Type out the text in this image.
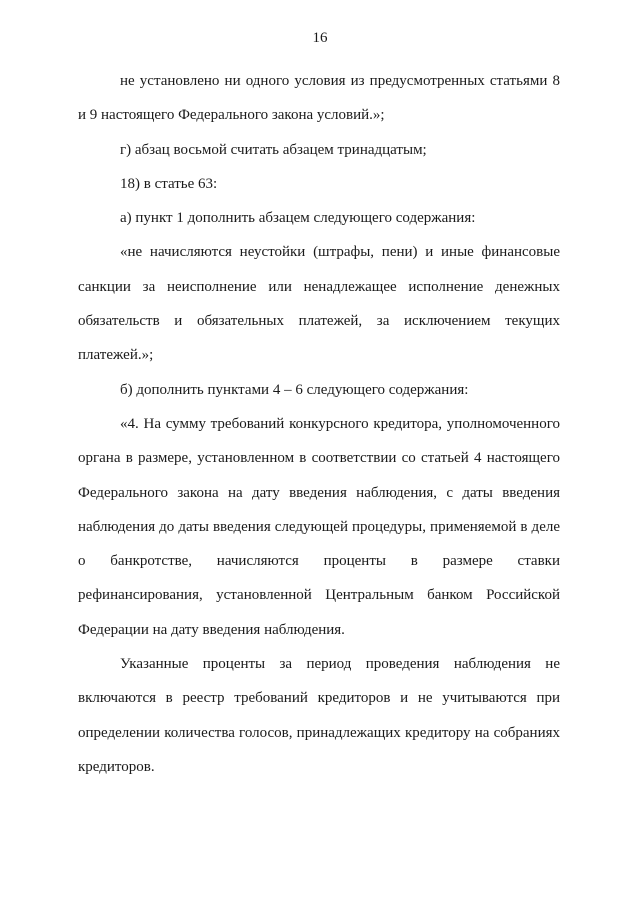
16

не установлено ни одного условия из предусмотренных статьями 8 и 9 настоящего Федерального закона условий.»;

г) абзац восьмой считать абзацем тринадцатым;

18) в статье 63:

а) пункт 1 дополнить абзацем следующего содержания:

«не начисляются неустойки (штрафы, пени) и иные финансовые санкции за неисполнение или ненадлежащее исполнение денежных обязательств и обязательных платежей, за исключением текущих платежей.»;

б) дополнить пунктами 4 – 6 следующего содержания:

«4. На сумму требований конкурсного кредитора, уполномоченного органа в размере, установленном в соответствии со статьей 4 настоящего Федерального закона на дату введения наблюдения, с даты введения наблюдения до даты введения следующей процедуры, применяемой в деле о банкротстве, начисляются проценты в размере ставки рефинансирования, установленной Центральным банком Российской Федерации на дату введения наблюдения.

Указанные проценты за период проведения наблюдения не включаются в реестр требований кредиторов и не учитываются при определении количества голосов, принадлежащих кредитору на собраниях кредиторов.
